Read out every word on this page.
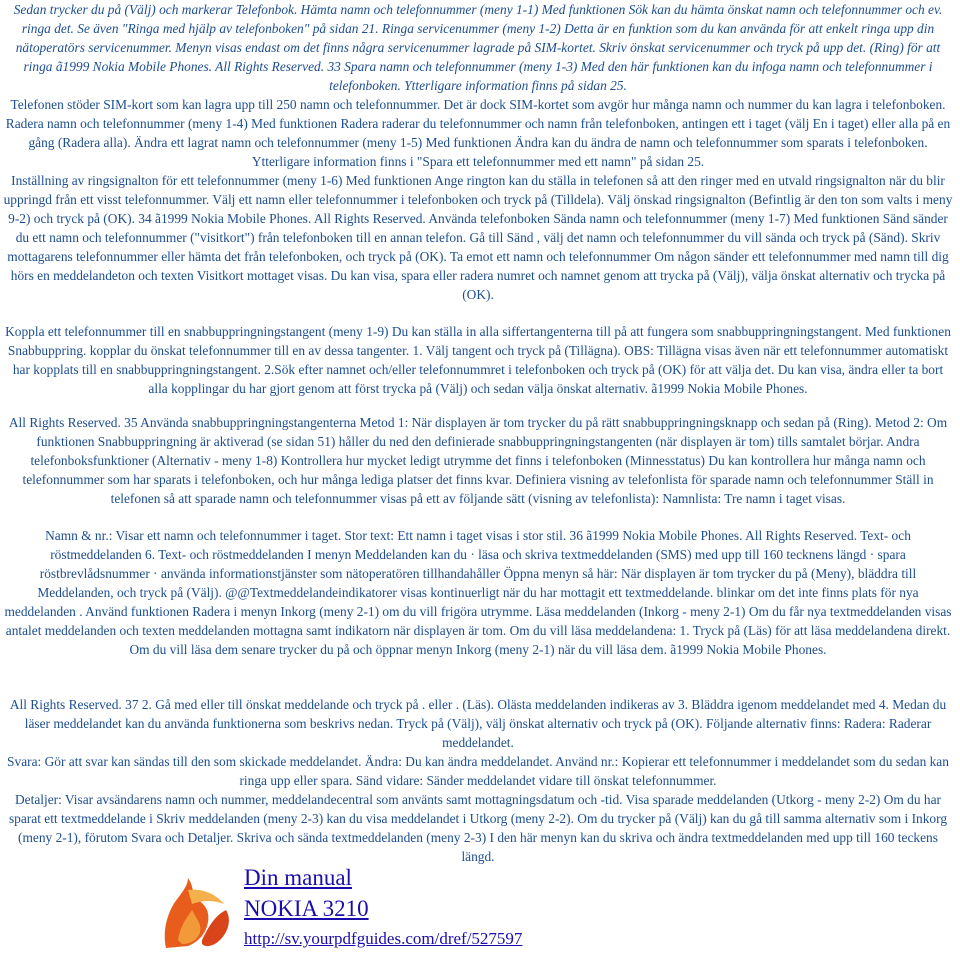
Sedan trycker du på (Välj) och markerar Telefonbok. Hämta namn och telefonnummer (meny 1-1) Med funktionen Sök kan du hämta önskat namn och telefonnummer och ev. ringa det. Se även "Ringa med hjälp av telefonboken" på sidan 21. Ringa servicenummer (meny 1-2) Detta är en funktion som du kan använda för att enkelt ringa upp din nätoperatörs servicenummer. Menyn visas endast om det finns några servicenummer lagrade på SIM-kortet. Skriv önskat servicenummer och tryck på upp det. (Ring) för att ringa ã1999 Nokia Mobile Phones. All Rights Reserved. 33 Spara namn och telefonnummer (meny 1-3) Med den här funktionen kan du infoga namn och telefonnummer i telefonboken. Ytterligare information finns på sidan 25.

Telefonen stöder SIM-kort som kan lagra upp till 250 namn och telefonnummer. Det är dock SIM-kortet som avgör hur många namn och nummer du kan lagra i telefonboken. Radera namn och telefonnummer (meny 1-4) Med funktionen Radera raderar du telefonnummer och namn från telefonboken, antingen ett i taget (välj En i taget) eller alla på en gång (Radera alla). Ändra ett lagrat namn och telefonnummer (meny 1-5) Med funktionen Ändra kan du ändra de namn och telefonnummer som sparats i telefonboken. Ytterligare information finns i "Spara ett telefonnummer med ett namn" på sidan 25.

Inställning av ringsignalton för ett telefonnummer (meny 1-6) Med funktionen Ange rington kan du ställa in telefonen så att den ringer med en utvald ringsignalton när du blir uppringd från ett visst telefonnummer. Välj ett namn eller telefonnummer i telefonboken och tryck på (Tilldela). Välj önskad ringsignalton (Befintlig är den ton som valts i meny 9-2) och tryck på (OK). 34 ã1999 Nokia Mobile Phones. All Rights Reserved. Använda telefonboken Sända namn och telefonnummer (meny 1-7) Med funktionen Sänd sänder du ett namn och telefonnummer ("visitkort") från telefonboken till en annan telefon. Gå till Sänd , välj det namn och telefonnummer du vill sända och tryck på (Sänd). Skriv mottagarens telefonnummer eller hämta det från telefonboken, och tryck på (OK). Ta emot ett namn och telefonnummer Om någon sänder ett telefonnummer med namn till dig hörs en meddelandeton och texten Visitkort mottaget visas. Du kan visa, spara eller radera numret och namnet genom att trycka på (Välj), välja önskat alternativ och trycka på (OK).

Koppla ett telefonnummer till en snabbuppringningstangent (meny 1-9) Du kan ställa in alla siffertangenterna till på att fungera som snabbuppringningstangent. Med funktionen Snabbuppring. kopplar du önskat telefonnummer till en av dessa tangenter. 1. Välj tangent och tryck på (Tillägna). OBS: Tillägna visas även när ett telefonnummer automatiskt har kopplats till en snabbuppringningstangent. 2.Sök efter namnet och/eller telefonnummret i telefonboken och tryck på (OK) för att välja det. Du kan visa, ändra eller ta bort alla kopplingar du har gjort genom att först trycka på (Välj) och sedan välja önskat alternativ. ã1999 Nokia Mobile Phones.

All Rights Reserved. 35 Använda snabbuppringningstangenterna Metod 1: När displayen är tom trycker du på rätt snabbuppringningsknapp och sedan på (Ring). Metod 2: Om funktionen Snabbuppringning är aktiverad (se sidan 51) håller du ned den definierade snabbuppringningstangenten (när displayen är tom) tills samtalet börjar. Andra telefonboksfunktioner (Alternativ - meny 1-8) Kontrollera hur mycket ledigt utrymme det finns i telefonboken (Minnesstatus) Du kan kontrollera hur många namn och telefonnummer som har sparats i telefonboken, och hur många lediga platser det finns kvar. Definiera visning av telefonlista för sparade namn och telefonnummer Ställ in telefonen så att sparade namn och telefonnummer visas på ett av följande sätt (visning av telefonlista): Namnlista: Tre namn i taget visas.

Namn & nr.: Visar ett namn och telefonnummer i taget. Stor text: Ett namn i taget visas i stor stil. 36 ã1999 Nokia Mobile Phones. All Rights Reserved. Text- och röstmeddelanden 6. Text- och röstmeddelanden I menyn Meddelanden kan du · läsa och skriva textmeddelanden (SMS) med upp till 160 tecknens längd · spara röstbrevlådsnummer · använda informationstjänster som nätoperatören tillhandahåller Öppna menyn så här: När displayen är tom trycker du på (Meny), bläddra till Meddelanden, och tryck på (Välj). @@Textmeddelandeindikatorer visas kontinuerligt när du har mottagit ett textmeddelande. blinkar om det inte finns plats för nya meddelanden . Använd funktionen Radera i menyn Inkorg (meny 2-1) om du vill frigöra utrymme. Läsa meddelanden (Inkorg - meny 2-1) Om du får nya textmeddelanden visas antalet meddelanden och texten meddelanden mottagna samt indikatorn när displayen är tom. Om du vill läsa meddelandena: 1. Tryck på (Läs) för att läsa meddelandena direkt. Om du vill läsa dem senare trycker du på och öppnar menyn Inkorg (meny 2-1) när du vill läsa dem. ã1999 Nokia Mobile Phones.

All Rights Reserved. 37 2. Gå med eller till önskat meddelande och tryck på . eller . (Läs). Olästa meddelanden indikeras av 3. Bläddra igenom meddelandet med 4. Medan du läser meddelandet kan du använda funktionerna som beskrivs nedan. Tryck på (Välj), välj önskat alternativ och tryck på (OK). Följande alternativ finns: Radera: Raderar meddelandet.

Svara: Gör att svar kan sändas till den som skickade meddelandet. Ändra: Du kan ändra meddelandet. Använd nr.: Kopierar ett telefonnummer i meddelandet som du sedan kan ringa upp eller spara. Sänd vidare: Sänder meddelandet vidare till önskat telefonnummer.

Detaljer: Visar avsändarens namn och nummer, meddelandecentral som använts samt mottagningsdatum och -tid. Visa sparade meddelanden (Utkorg - meny 2-2) Om du har sparat ett textmeddelande i Skriv meddelanden (meny 2-3) kan du visa meddelandet i Utkorg (meny 2-2). Om du trycker på (Välj) kan du gå till samma alternativ som i Inkorg (meny 2-1), förutom Svara och Detaljer. Skriva och sända textmeddelanden (meny 2-3) I den här menyn kan du skriva och ändra textmeddelanden med upp till 160 teckens längd.

Din manual
NOKIA 3210
http://sv.yourpdfguides.com/dref/527597
